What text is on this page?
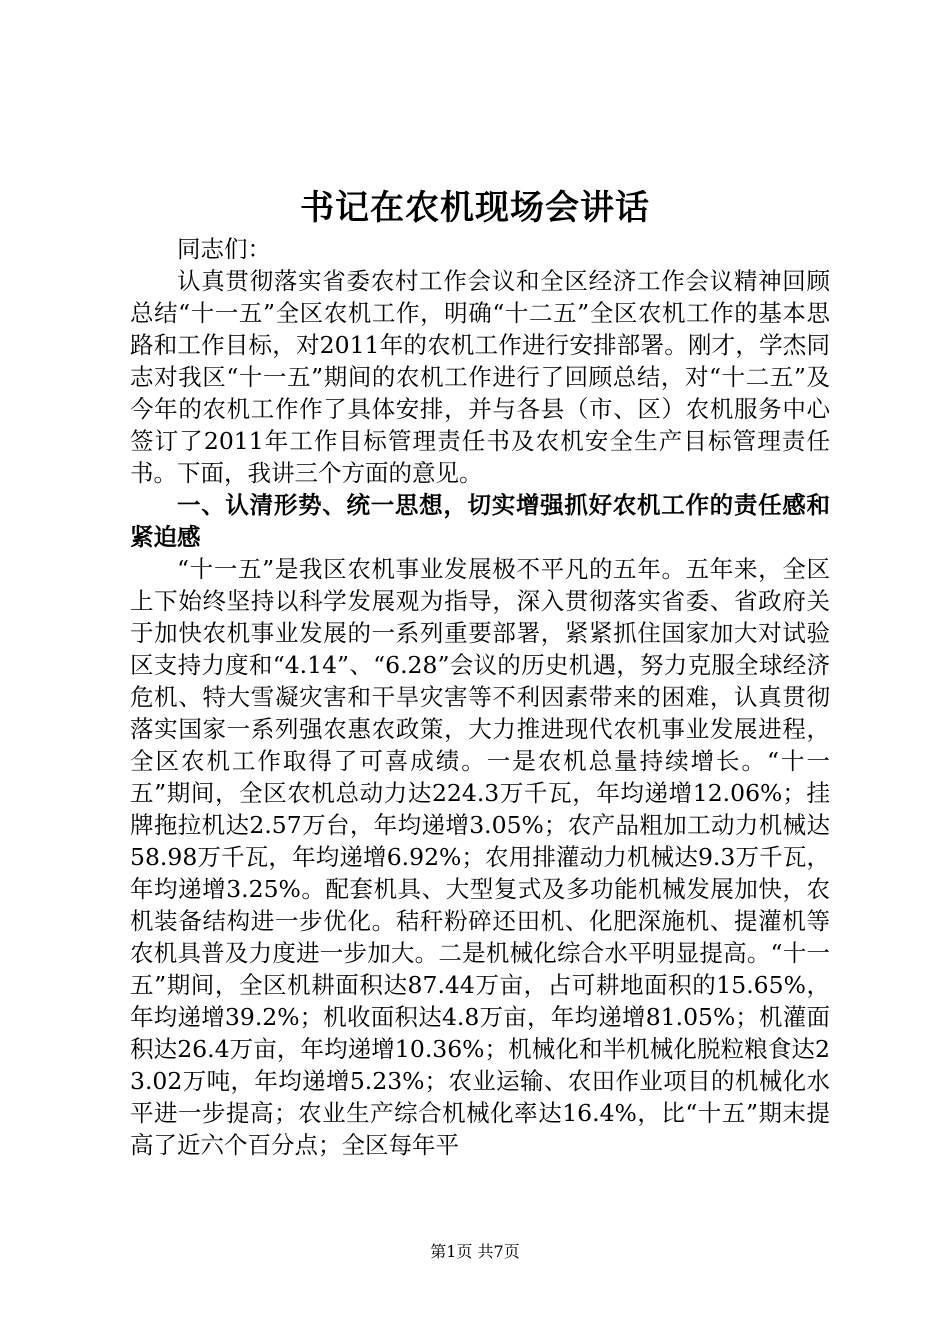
书记在农机现场会讲话

同志们：

认真贯彻落实省委农村工作会议和全区经济工作会议精神回顾总结“十一五”全区农机工作，明确“十二五”全区农机工作的基本思路和工作目标，对2011年的农机工作进行安排部署。刚才，学杰同志对我区“十一五”期间的农机工作进行了回顾总结，对“十二五”及今年的农机工作作了具体安排，并与各县（市、区）农机服务中心签订了2011年工作目标管理责任书及农机安全生产目标管理责任书。下面，我讲三个方面的意见。

一、认清形势、统一思想，切实增强抓好农机工作的责任感和紧迫感

“十一五”是我区农机事业发展极不平凡的五年。五年来，全区上下始终坚持以科学发展观为指导，深入贯彻落实省委、省政府关于加快农机事业发展的一系列重要部署，紧紧抓住国家加大对试验区支持力度和“4.14”、“6.28”会议的历史机遇，努力克服全球经济危机、特大雪凝灾害和干旱灾害等不利因素带来的困难，认真贯彻落实国家一系列强农惠农政策，大力推进现代农机事业发展进程，全区农机工作取得了可喜成绩。一是农机总量持续增长。“十一五”期间，全区农机总动力达224.3万千瓦，年均递增12.06%；挂牌拖拉机达2.57万台，年均递增3.05%；农产品粗加工动力机械达58.98万千瓦，年均递增6.92%；农用排灌动力机械达9.3万千瓦，年均递增3.25%。配套机具、大型复式及多功能机械发展加快，农机装备结构进一步优化。秸秆粉碎还田机、化肥深施机、提灌机等农机具普及力度进一步加大。二是机械化综合水平明显提高。“十一五”期间，全区机耕面积达87.44万亩，占可耕地面积的15.65%，年均递增39.2%；机收面积达4.8万亩，年均递增81.05%；机灌面积达26.4万亩，年均递增10.36%；机械化和半机械化脱粒粮食达23.02万吨，年均递增5.23%；农业运输、农田作业项目的机械化水平进一步提高；农业生产综合机械化率达16.4%，比“十五”期末提高了近六个百分点；全区每年平

第1页 共7页
